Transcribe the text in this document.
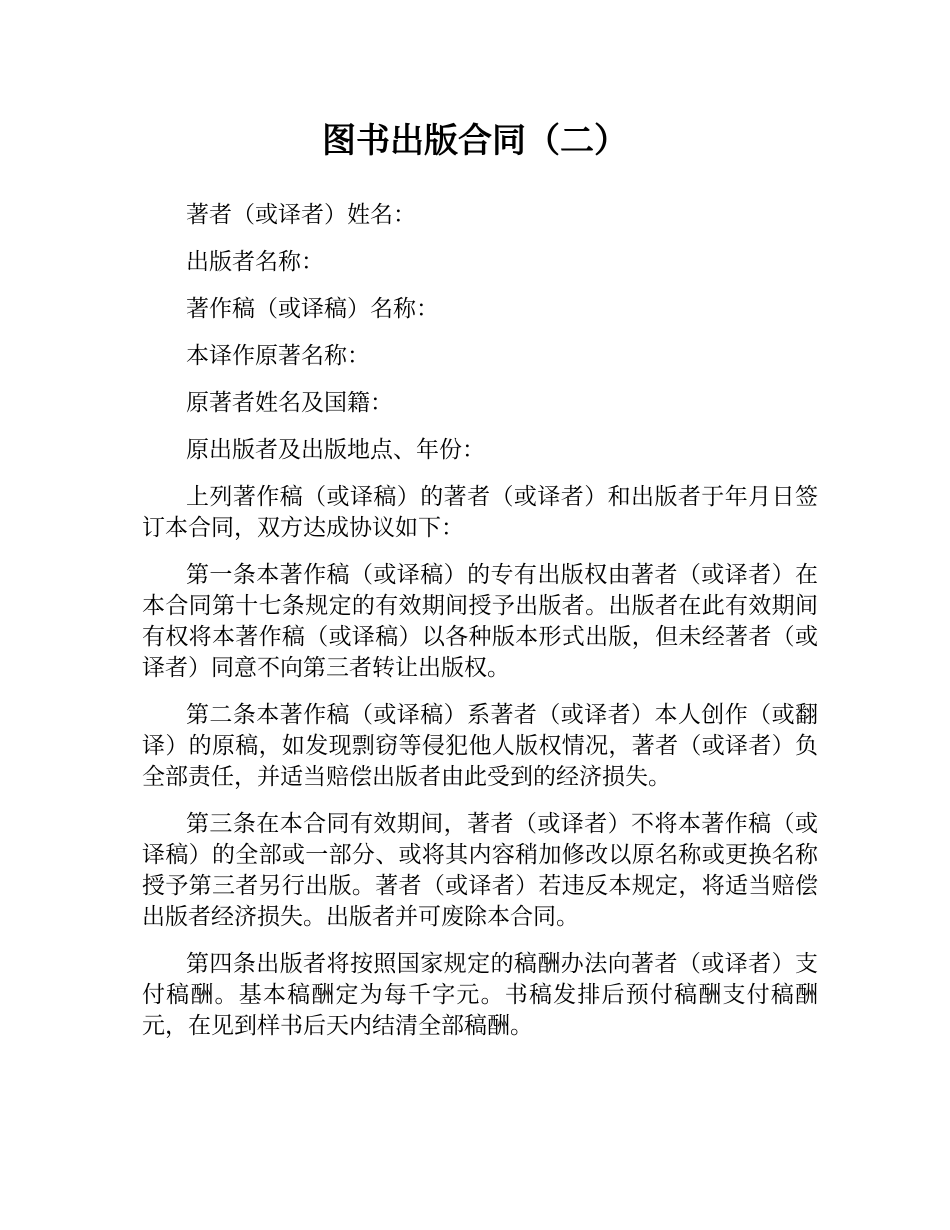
图书出版合同（二）

著者（或译者）姓名：

出版者名称：

著作稿（或译稿）名称：

本译作原著名称：

原著者姓名及国籍：

原出版者及出版地点、年份：

上列著作稿（或译稿）的著者（或译者）和出版者于年月日签订本合同，双方达成协议如下：

第一条本著作稿（或译稿）的专有出版权由著者（或译者）在本合同第十七条规定的有效期间授予出版者。出版者在此有效期间有权将本著作稿（或译稿）以各种版本形式出版，但未经著者（或译者）同意不向第三者转让出版权。

第二条本著作稿（或译稿）系著者（或译者）本人创作（或翻译）的原稿，如发现剽窃等侵犯他人版权情况，著者（或译者）负全部责任，并适当赔偿出版者由此受到的经济损失。

第三条在本合同有效期间，著者（或译者）不将本著作稿（或译稿）的全部或一部分、或将其内容稍加修改以原名称或更换名称授予第三者另行出版。著者（或译者）若违反本规定，将适当赔偿出版者经济损失。出版者并可废除本合同。

第四条出版者将按照国家规定的稿酬办法向著者（或译者）支付稿酬。基本稿酬定为每千字元。书稿发排后预付稿酬支付稿酬元，在见到样书后天内结清全部稿酬。
